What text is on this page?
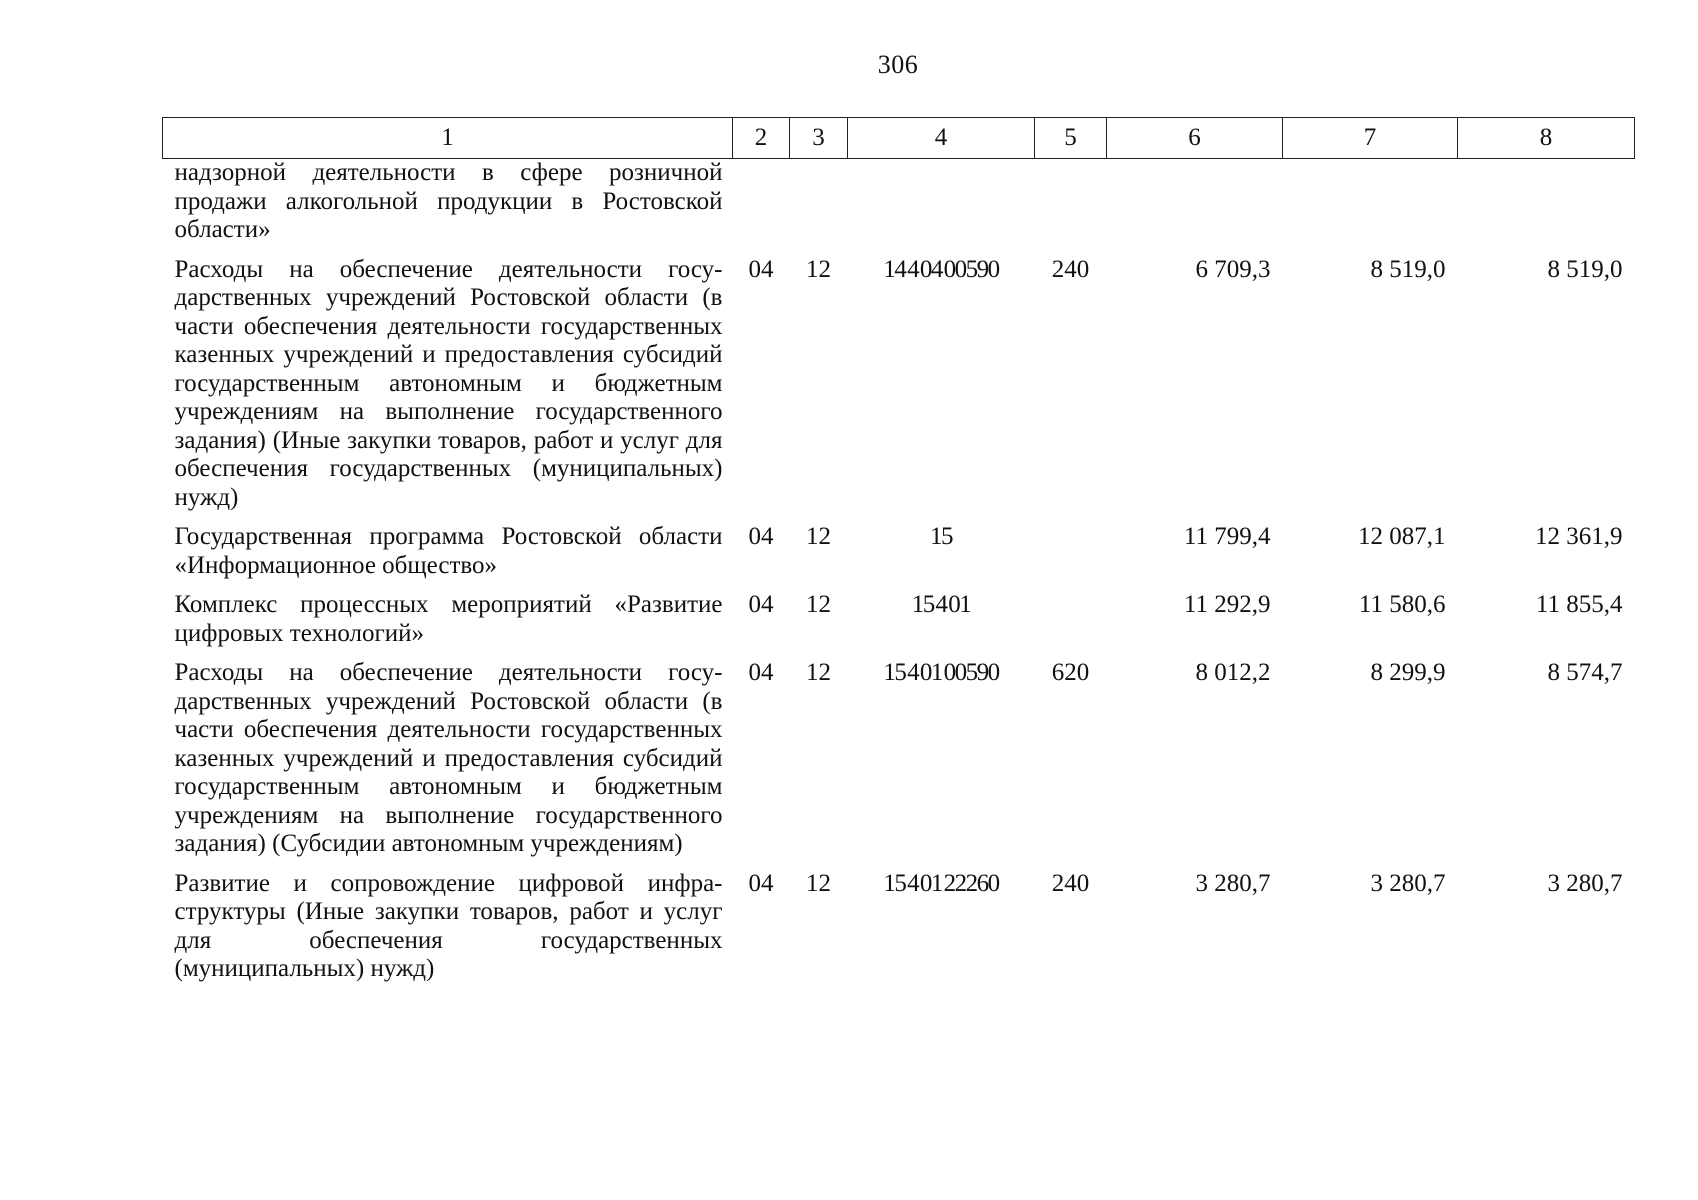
306
1	2	3	4	5	6	7	8
надзорной деятельности в сфере розничной продажи алкогольной продукции в Ростовской области»							
Расходы на обеспечение деятельности государственных учреждений Ростовской области (в части обеспечения деятельности государственных казенных учреждений и предоставления субсидий государственным автономным и бюджетным учреждениям на выполнение государственного задания) (Иные закупки товаров, работ и услуг для обеспечения государственных (муниципальных) нужд)	04	12	14 4 04 00590	240	6 709,3	8 519,0	8 519,0
Государственная программа Ростовской области «Информационное общество»	04	12	15		11 799,4	12 087,1	12 361,9
Комплекс процессных мероприятий «Развитие цифровых технологий»	04	12	15 4 01		11 292,9	11 580,6	11 855,4
Расходы на обеспечение деятельности государственных учреждений Ростовской области (в части обеспечения деятельности государственных казенных учреждений и предоставления субсидий государственным автономным и бюджетным учреждениям на выполнение государственного задания) (Субсидии автономным учреждениям)	04	12	15 4 01 00590	620	8 012,2	8 299,9	8 574,7
Развитие и сопровождение цифровой инфраструктуры (Иные закупки товаров, работ и услуг для обеспечения государственных (муниципальных) нужд)	04	12	15 4 01 22260	240	3 280,7	3 280,7	3 280,7
